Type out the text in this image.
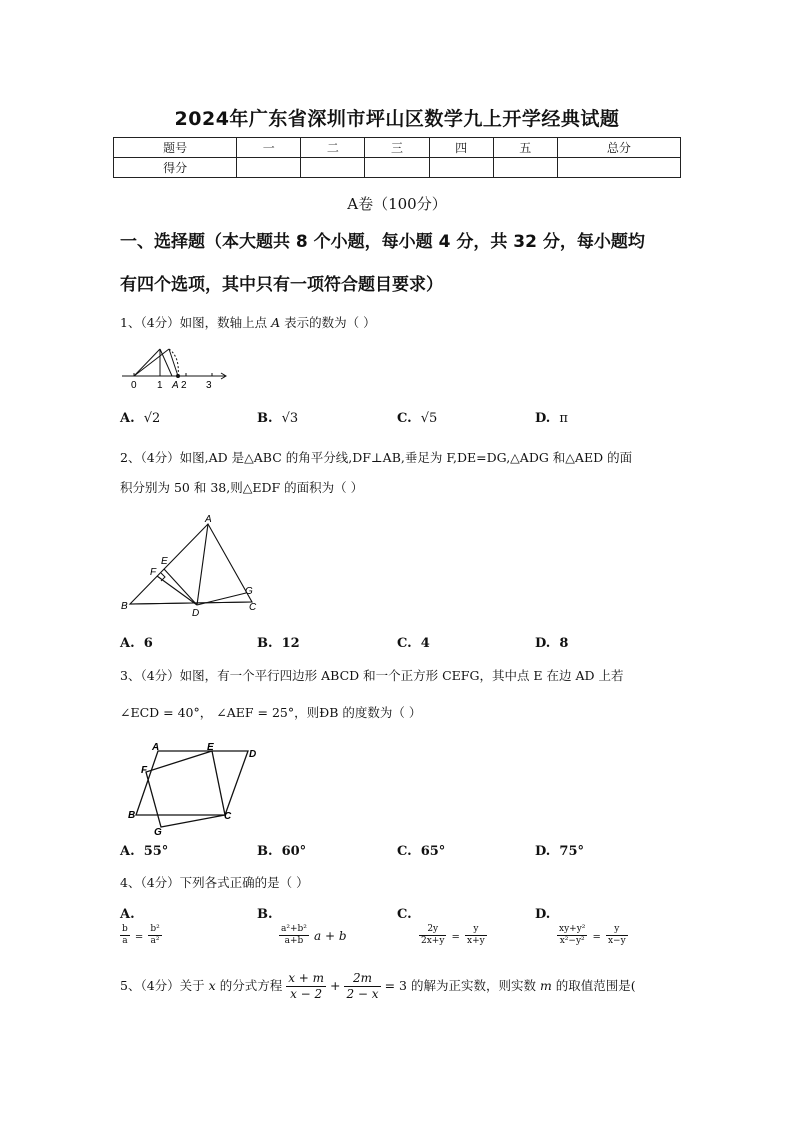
2024年广东省深圳市坪山区数学九上开学经典试题
题号	一	二	三	四	五	总分
得分						
A卷（100分）
一、选择题（本大题共 8 个小题，每小题 4 分，共 32 分，每小题均
有四个选项，其中只有一项符合题目要求）
1、（4分）如图，数轴上点 A 表示的数为（ ）
0 1 A 2 3
A. √2	B. √3	C. √5	D. π
2、（4分）如图,AD 是△ABC 的角平分线,DF⊥AB,垂足为 F,DE=DG,△ADG 和△AED 的面
积分别为 50 和 38,则△EDF 的面积为（ ）
A
E
F
B
D
G
C
A. 6	B. 12	C. 4	D. 8
3、（4分）如图，有一个平行四边形 ABCD 和一个正方形 CEFG，其中点 E 在边 AD 上若
∠ECD = 40°， ∠AEF = 25°，则ÐB 的度数为（ ）
A	E
D
F
B	C
G
A. 55°	B. 60°	C. 65°	D. 75°
4、（4分）下列各式正确的是（ ）
A.
$\frac{b}{a} = \frac{\text{b²}}{\text{a²}}$
B.
$\frac{\text{a²+b²}}{a+b}$ a + b
C.
$\frac{2y}{2x+y} = \frac{y}{x+y}$
D.
$\frac{\text{xy+y²}}{\text{x²−y²}} = \frac{y}{x-y}$
5、（4分）关于 x 的分式方程 $\frac{x + m}{x - 2} + \frac{2m}{2 - x} = 3$ 的解为正实数，则实数 m 的取值范围是(
